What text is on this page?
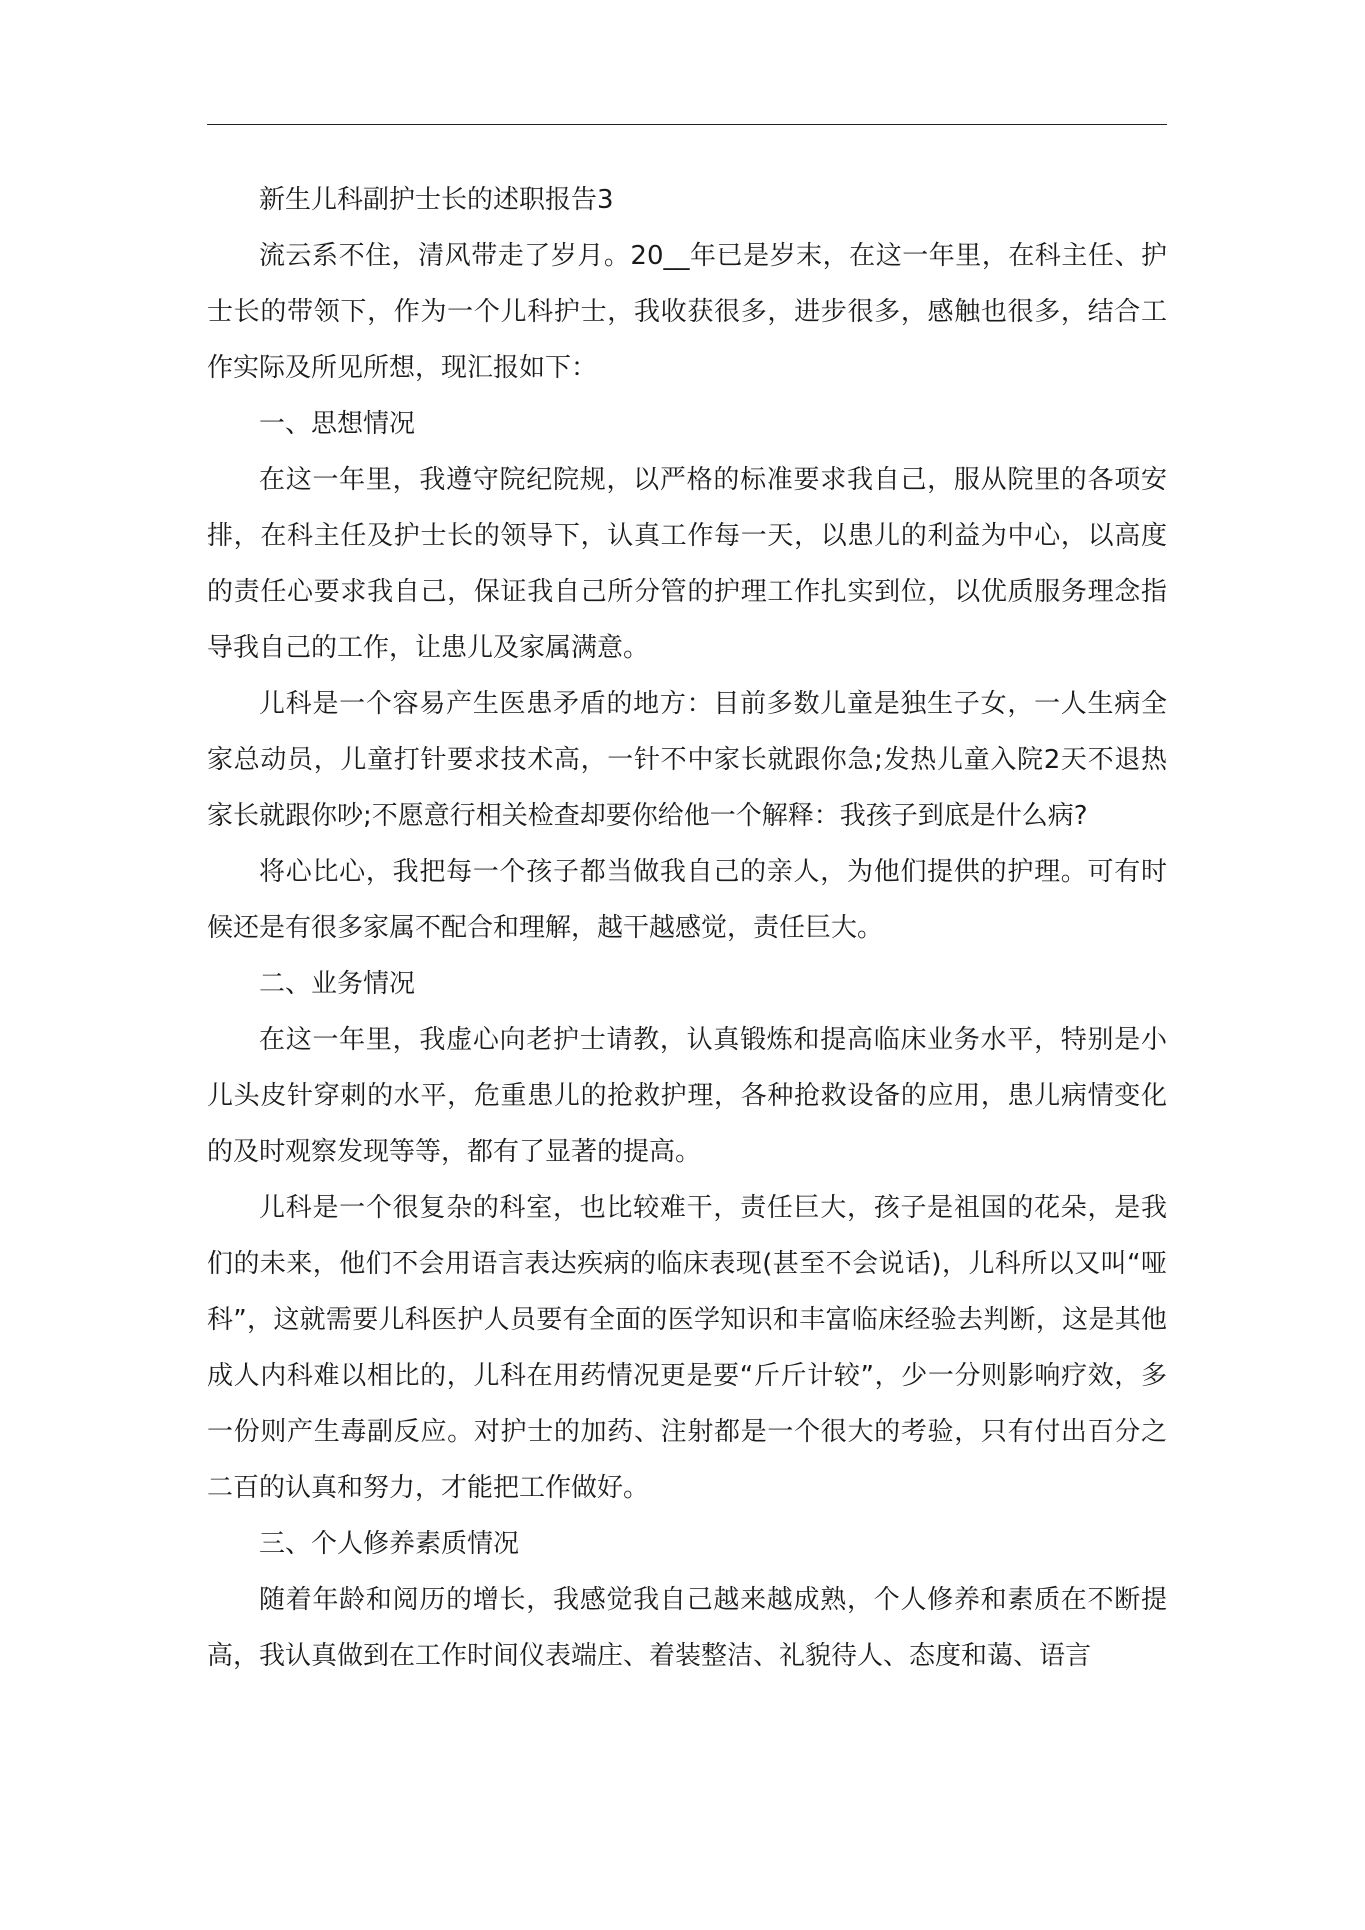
新生儿科副护士长的述职报告3

流云系不住，清风带走了岁月。20__年已是岁末，在这一年里，在科主任、护士长的带领下，作为一个儿科护士，我收获很多，进步很多，感触也很多，结合工作实际及所见所想，现汇报如下：

一、思想情况

在这一年里，我遵守院纪院规，以严格的标准要求我自己，服从院里的各项安排，在科主任及护士长的领导下，认真工作每一天，以患儿的利益为中心，以高度的责任心要求我自己，保证我自己所分管的护理工作扎实到位，以优质服务理念指导我自己的工作，让患儿及家属满意。

儿科是一个容易产生医患矛盾的地方：目前多数儿童是独生子女，一人生病全家总动员，儿童打针要求技术高，一针不中家长就跟你急;发热儿童入院2天不退热家长就跟你吵;不愿意行相关检查却要你给他一个解释：我孩子到底是什么病?

将心比心，我把每一个孩子都当做我自己的亲人，为他们提供的护理。可有时候还是有很多家属不配合和理解，越干越感觉，责任巨大。

二、业务情况

在这一年里，我虚心向老护士请教，认真锻炼和提高临床业务水平，特别是小儿头皮针穿刺的水平，危重患儿的抢救护理，各种抢救设备的应用，患儿病情变化的及时观察发现等等，都有了显著的提高。

儿科是一个很复杂的科室，也比较难干，责任巨大，孩子是祖国的花朵，是我们的未来，他们不会用语言表达疾病的临床表现(甚至不会说话)，儿科所以又叫“哑科”，这就需要儿科医护人员要有全面的医学知识和丰富临床经验去判断，这是其他成人内科难以相比的，儿科在用药情况更是要“斤斤计较”，少一分则影响疗效，多一份则产生毒副反应。对护士的加药、注射都是一个很大的考验，只有付出百分之二百的认真和努力，才能把工作做好。

三、个人修养素质情况

随着年龄和阅历的增长，我感觉我自己越来越成熟，个人修养和素质在不断提高，我认真做到在工作时间仪表端庄、着装整洁、礼貌待人、态度和蔼、语言
